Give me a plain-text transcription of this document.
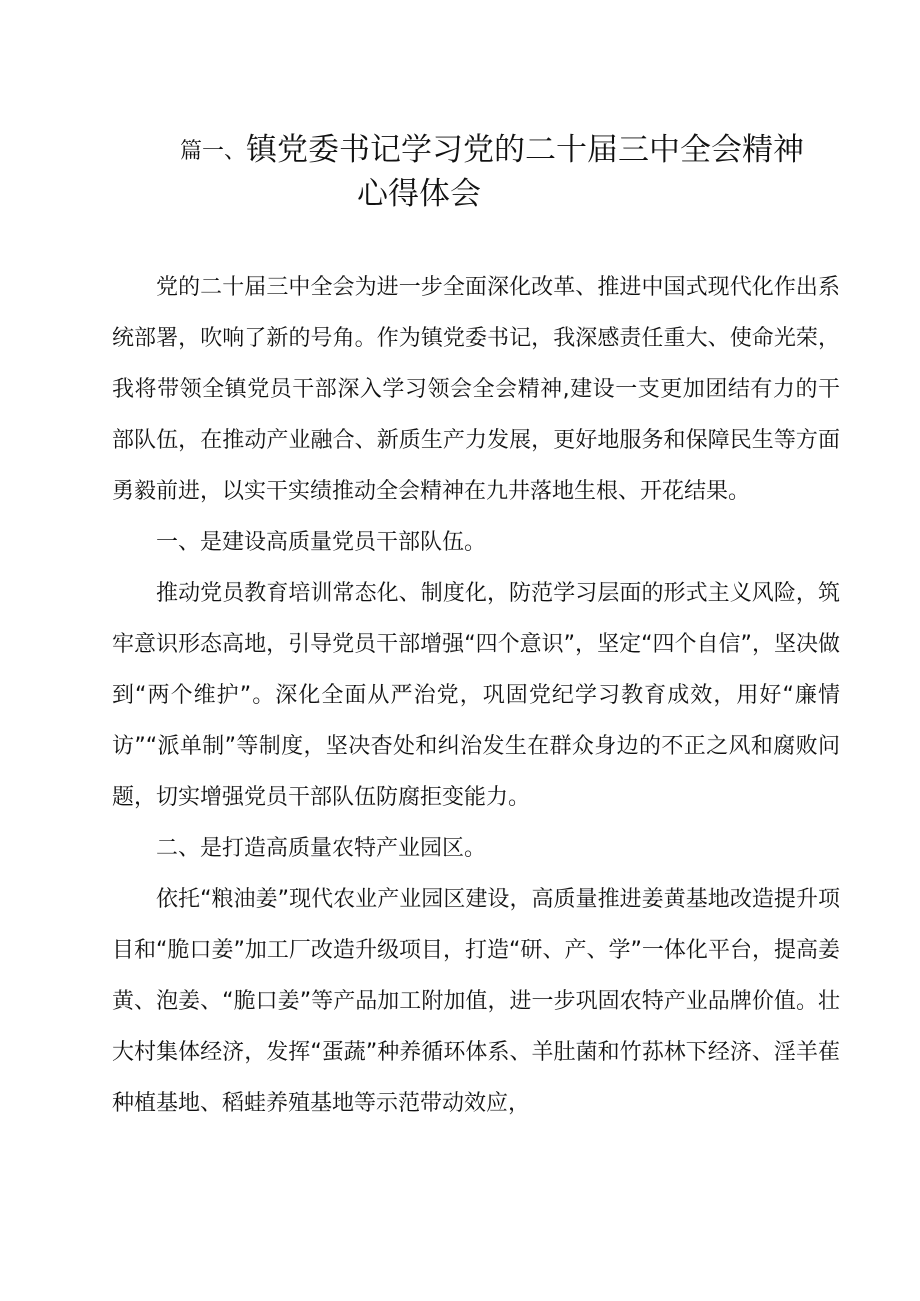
篇一、镇党委书记学习党的二十届三中全会精神
心得体会

党的二十届三中全会为进一步全面深化改革、推进中国式现代化作出系统部署，吹响了新的号角。作为镇党委书记，我深感责任重大、使命光荣，我将带领全镇党员干部深入学习领会全会精神,建设一支更加团结有力的干部队伍，在推动产业融合、新质生产力发展，更好地服务和保障民生等方面勇毅前进，以实干实绩推动全会精神在九井落地生根、开花结果。

一、是建设高质量党员干部队伍。

推动党员教育培训常态化、制度化，防范学习层面的形式主义风险，筑牢意识形态高地，引导党员干部增强“四个意识”，坚定“四个自信”，坚决做到“两个维护”。深化全面从严治党，巩固党纪学习教育成效，用好“廉情访”“派单制”等制度，坚决杳处和纠治发生在群众身边的不正之风和腐败问题，切实增强党员干部队伍防腐拒变能力。

二、是打造高质量农特产业园区。

依托“粮油姜”现代农业产业园区建设，高质量推进姜黄基地改造提升项目和“脆口姜”加工厂改造升级项目，打造“研、产、学”一体化平台，提高姜黄、泡姜、“脆口姜”等产品加工附加值，进一步巩固农特产业品牌价值。壮大村集体经济，发挥“蛋蔬”种养循环体系、羊肚菌和竹荪林下经济、淫羊萑种植基地、稻蛙养殖基地等示范带动效应，
